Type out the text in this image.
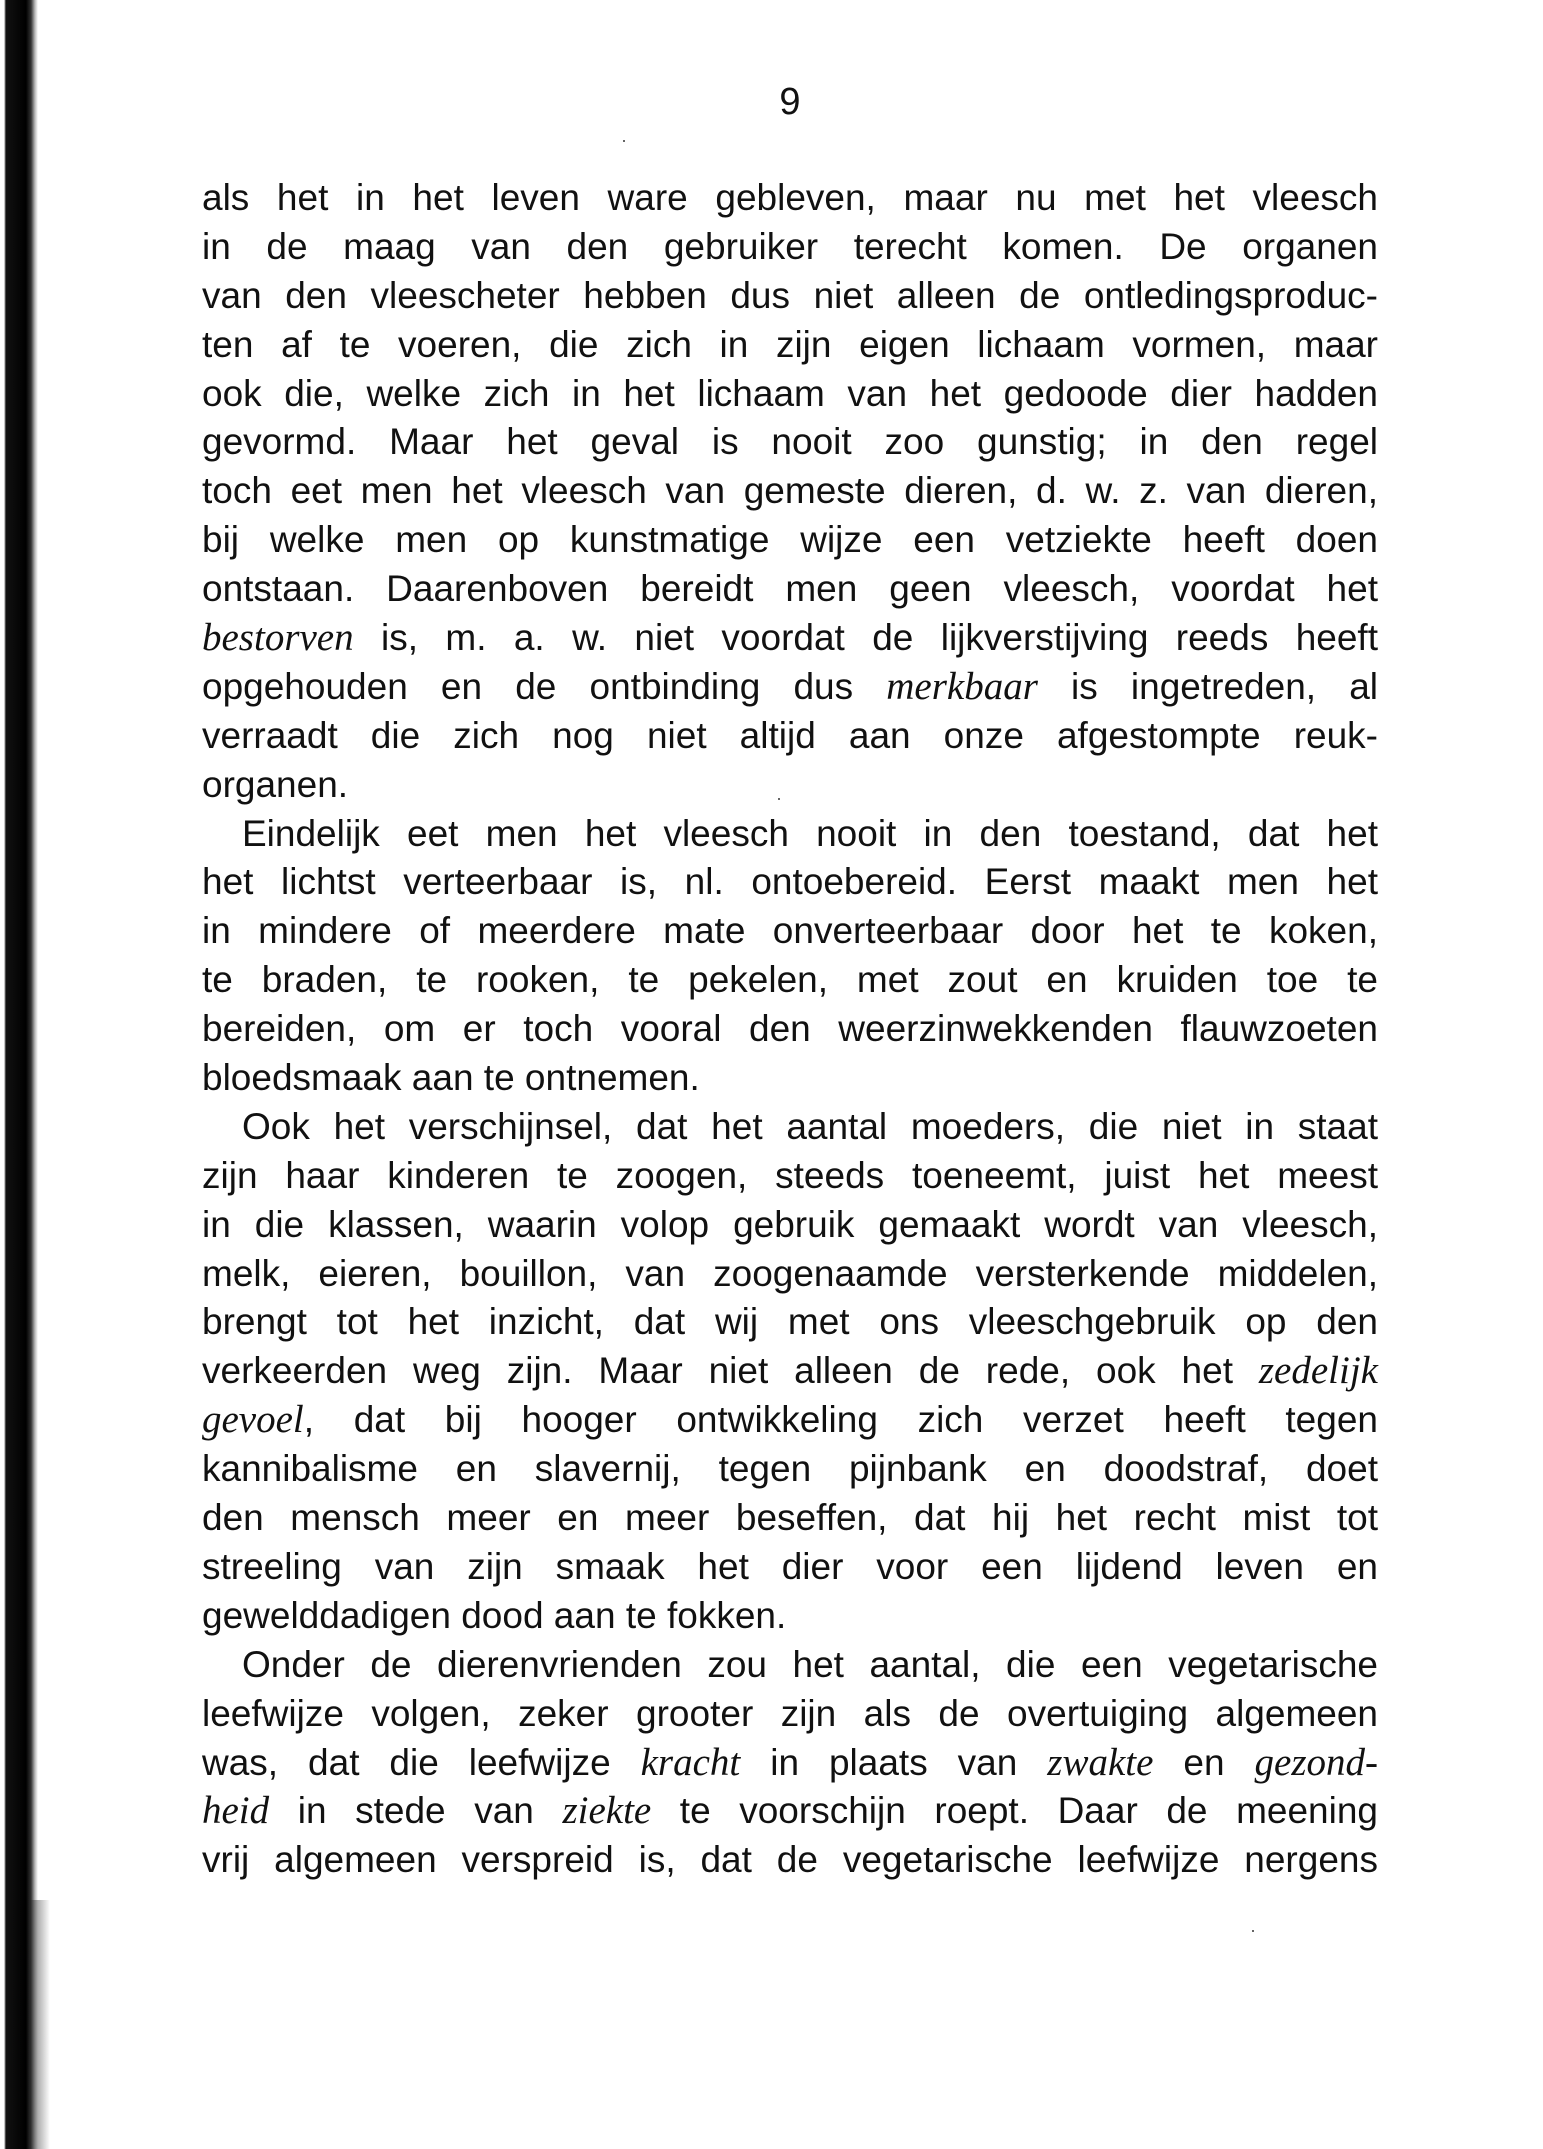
9
als het in het leven ware gebleven, maar nu met het vleesch
in de maag van den gebruiker terecht komen. De organen
van den vleescheter hebben dus niet alleen de ontledingsproduc-
ten af te voeren, die zich in zijn eigen lichaam vormen, maar
ook die, welke zich in het lichaam van het gedoode dier hadden
gevormd. Maar het geval is nooit zoo gunstig; in den regel
toch eet men het vleesch van gemeste dieren, d. w. z. van dieren,
bij welke men op kunstmatige wijze een vetziekte heeft doen
ontstaan. Daarenboven bereidt men geen vleesch, voordat het
bestorven is, m. a. w. niet voordat de lijkverstijving reeds heeft
opgehouden en de ontbinding dus merkbaar is ingetreden, al
verraadt die zich nog niet altijd aan onze afgestompte reuk-
organen.
Eindelijk eet men het vleesch nooit in den toestand, dat het
het lichtst verteerbaar is, nl. ontoebereid. Eerst maakt men het
in mindere of meerdere mate onverteerbaar door het te koken,
te braden, te rooken, te pekelen, met zout en kruiden toe te
bereiden, om er toch vooral den weerzinwekkenden flauwzoeten
bloedsmaak aan te ontnemen.
Ook het verschijnsel, dat het aantal moeders, die niet in staat
zijn haar kinderen te zoogen, steeds toeneemt, juist het meest
in die klassen, waarin volop gebruik gemaakt wordt van vleesch,
melk, eieren, bouillon, van zoogenaamde versterkende middelen,
brengt tot het inzicht, dat wij met ons vleeschgebruik op den
verkeerden weg zijn. Maar niet alleen de rede, ook het zedelijk
gevoel, dat bij hooger ontwikkeling zich verzet heeft tegen
kannibalisme en slavernij, tegen pijnbank en doodstraf, doet
den mensch meer en meer beseffen, dat hij het recht mist tot
streeling van zijn smaak het dier voor een lijdend leven en
gewelddadigen dood aan te fokken.
Onder de dierenvrienden zou het aantal, die een vegetarische
leefwijze volgen, zeker grooter zijn als de overtuiging algemeen
was, dat die leefwijze kracht in plaats van zwakte en gezond-
heid in stede van ziekte te voorschijn roept. Daar de meening
vrij algemeen verspreid is, dat de vegetarische leefwijze nergens
